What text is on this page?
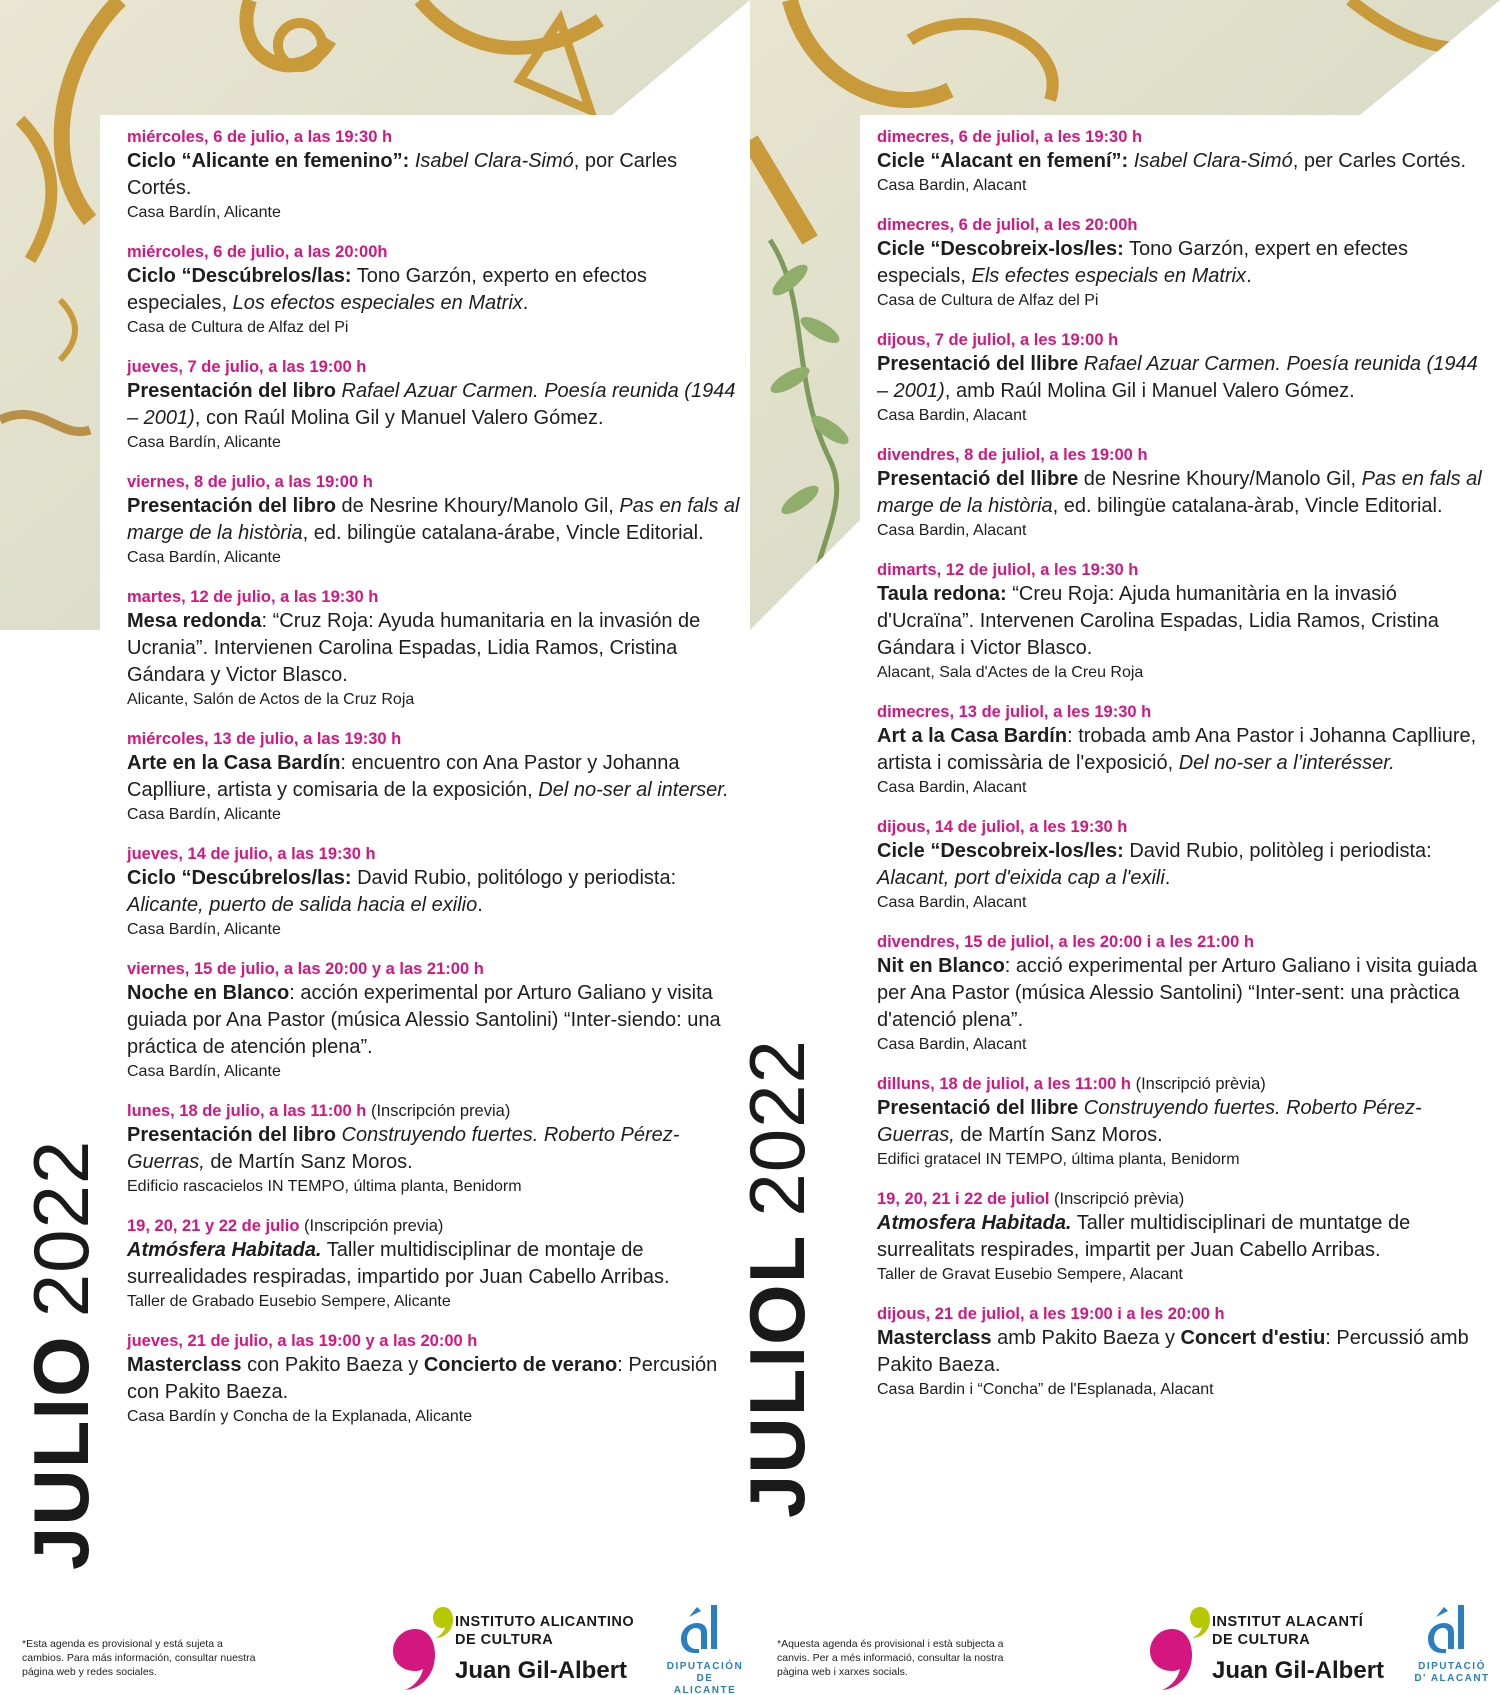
JULIO2022
miércoles, 6 de julio, a las 19:30 h
Ciclo “Alicante en femenino”: Isabel Clara-Simó, por Carles Cortés.
Casa Bardín, Alicante
miércoles, 6 de julio, a las 20:00h
Ciclo “Descúbrelos/las: Tono Garzón, experto en efectos especiales, Los efectos especiales en Matrix.
Casa de Cultura de Alfaz del Pi
jueves, 7 de julio, a las 19:00 h
Presentación del libro Rafael Azuar Carmen. Poesía reunida (1944 – 2001), con Raúl Molina Gil y Manuel Valero Gómez.
Casa Bardín, Alicante
viernes, 8 de julio, a las 19:00 h
Presentación del libro de Nesrine Khoury/Manolo Gil, Pas en fals al marge de la història, ed. bilingüe catalana-árabe, Vincle Editorial.
Casa Bardín, Alicante
martes, 12 de julio, a las 19:30 h
Mesa redonda: “Cruz Roja: Ayuda humanitaria en la invasión de Ucrania”. Intervienen Carolina Espadas, Lidia Ramos, Cristina Gándara y Victor Blasco.
Alicante, Salón de Actos de la Cruz Roja
miércoles, 13 de julio, a las 19:30 h
Arte en la Casa Bardín: encuentro con Ana Pastor y Johanna Caplliure, artista y comisaria de la exposición, Del no-ser al interser.
Casa Bardín, Alicante
jueves, 14 de julio, a las 19:30 h
Ciclo “Descúbrelos/las: David Rubio, politólogo y periodista: Alicante, puerto de salida hacia el exilio.
Casa Bardín, Alicante
viernes, 15 de julio, a las 20:00 y a las 21:00 h
Noche en Blanco: acción experimental por Arturo Galiano y visita guiada por Ana Pastor (música Alessio Santolini) “Inter-siendo: una práctica de atención plena”.
Casa Bardín, Alicante
lunes, 18 de julio, a las 11:00 h (Inscripción previa)
Presentación del libro Construyendo fuertes. Roberto Pérez-Guerras, de Martín Sanz Moros.
Edificio rascacielos IN TEMPO, última planta, Benidorm
19, 20, 21 y 22 de julio (Inscripción previa)
Atmósfera Habitada. Taller multidisciplinar de montaje de surrealidades respiradas, impartido por Juan Cabello Arribas.
Taller de Grabado Eusebio Sempere, Alicante
jueves, 21 de julio, a las 19:00 y a las 20:00 h
Masterclass con Pakito Baeza y Concierto de verano: Percusión con Pakito Baeza.
Casa Bardín y Concha de la Explanada, Alicante
*Esta agenda es provisional y está sujeta a cambios. Para más información, consultar nuestra página web y redes sociales.
INSTITUTO ALICANTINO
DE CULTURA
Juan Gil-Albert	DIPUTACIÓN
DE ALICANTE
JULIOL2022
dimecres, 6 de juliol, a les 19:30 h
Cicle “Alacant en femení”: Isabel Clara-Simó, per Carles Cortés.
Casa Bardin, Alacant
dimecres, 6 de juliol, a les 20:00h
Cicle “Descobreix-los/les: Tono Garzón, expert en efectes especials, Els efectes especials en Matrix.
Casa de Cultura de Alfaz del Pi
dijous, 7 de juliol, a les 19:00 h
Presentació del llibre Rafael Azuar Carmen. Poesía reunida (1944 – 2001), amb Raúl Molina Gil i Manuel Valero Gómez.
Casa Bardin, Alacant
divendres, 8 de juliol, a les 19:00 h
Presentació del llibre de Nesrine Khoury/Manolo Gil, Pas en fals al marge de la història, ed. bilingüe catalana-àrab, Vincle Editorial.
Casa Bardin, Alacant
dimarts, 12 de juliol, a les 19:30 h
Taula redona: “Creu Roja: Ajuda humanitària en la invasió d'Ucraïna”. Intervenen Carolina Espadas, Lidia Ramos, Cristina Gándara i Victor Blasco.
Alacant, Sala d'Actes de la Creu Roja
dimecres, 13 de juliol, a les 19:30 h
Art a la Casa Bardín: trobada amb Ana Pastor i Johanna Caplliure, artista i comissària de l'exposició, Del no-ser a l’interésser.
Casa Bardin, Alacant
dijous, 14 de juliol, a les 19:30 h
Cicle “Descobreix-los/les: David Rubio, politòleg i periodista: Alacant, port d'eixida cap a l'exili.
Casa Bardin, Alacant
divendres, 15 de juliol, a les 20:00 i a les 21:00 h
Nit en Blanco: acció experimental per Arturo Galiano i visita guiada per Ana Pastor (música Alessio Santolini) “Inter-sent: una pràctica d'atenció plena”.
Casa Bardin, Alacant
dilluns, 18 de juliol, a les 11:00 h (Inscripció prèvia)
Presentació del llibre Construyendo fuertes. Roberto Pérez-Guerras, de Martín Sanz Moros.
Edifici gratacel IN TEMPO, última planta, Benidorm
19, 20, 21 i 22 de juliol (Inscripció prèvia)
Atmosfera Habitada. Taller multidisciplinari de muntatge de surrealitats respirades, impartit per Juan Cabello Arribas.
Taller de Gravat Eusebio Sempere, Alacant
dijous, 21 de juliol, a les 19:00 i a les 20:00 h
Masterclass amb Pakito Baeza y Concert d'estiu: Percussió amb Pakito Baeza.
Casa Bardin i “Concha” de l'Esplanada, Alacant
*Aquesta agenda és provisional i està subjecta a canvis. Per a més informació, consultar la nostra pàgina web i xarxes socials.
INSTITUT ALACANTÍ
DE CULTURA
Juan Gil-Albert	DIPUTACIÓ
D' ALACANT
